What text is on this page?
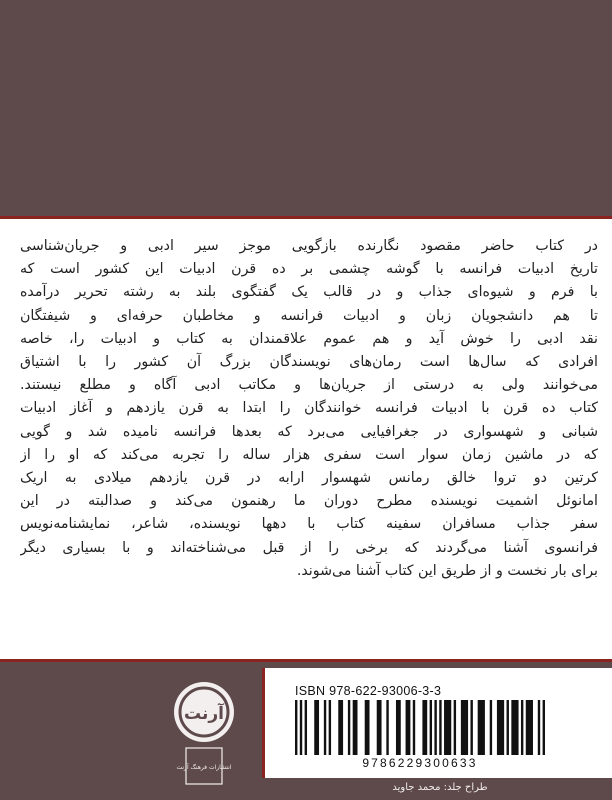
در کتاب حاضر مقصود نگارنده بازگویی موجز سیر ادبی و جریان‌شناسی
تاریخ ادبیات فرانسه با گوشه چشمی بر ده قرن ادبیات این کشور است که
با فرم و شیوه‌ای جذاب و در قالب یک گفتگوی بلند به رشته تحریر درآمده
تا هم دانشجویان زبان و ادبیات فرانسه و مخاطبان حرفه‌ای و شیفتگان
نقد ادبی را خوش آید و هم عموم علاقمندان به کتاب و ادبیات را، خاصه
افرادی که سال‌ها است رمان‌های نویسندگان بزرگ آن کشور را با اشتیاق
می‌خوانند ولی به درستی از جریان‌ها و مکاتب ادبی آگاه و مطلع نیستند.
کتاب ده قرن با ادبیات فرانسه خوانندگان را ابتدا به قرن یازدهم و آغاز ادبیات
شبانی و شهسواری در جغرافیایی می‌برد که بعدها فرانسه نامیده شد و گویی
که در ماشین زمان سوار است سفری هزار ساله را تجربه می‌کند که او را از
کرتین دو تروا خالق رمانس شهسوار ارابه در قرن یازدهم میلادی به اریک
امانوئل اشمیت نویسنده مطرح دوران ما رهنمون می‌کند و صدالبته در این
سفر جذاب مسافران سفینه کتاب با دهها نویسنده، شاعر، نمایشنامه‌نویس
فرانسوی آشنا می‌گردند که برخی را از قبل می‌شناخته‌اند و با بسیاری دیگر
برای بار نخست و از طریق این کتاب آشنا می‌شوند.

ISBN 978-622-93006-3-3
9786229300633
آرنت
انتشارات فرهنگ آرنت
طراح جلد: محمد جاوید
